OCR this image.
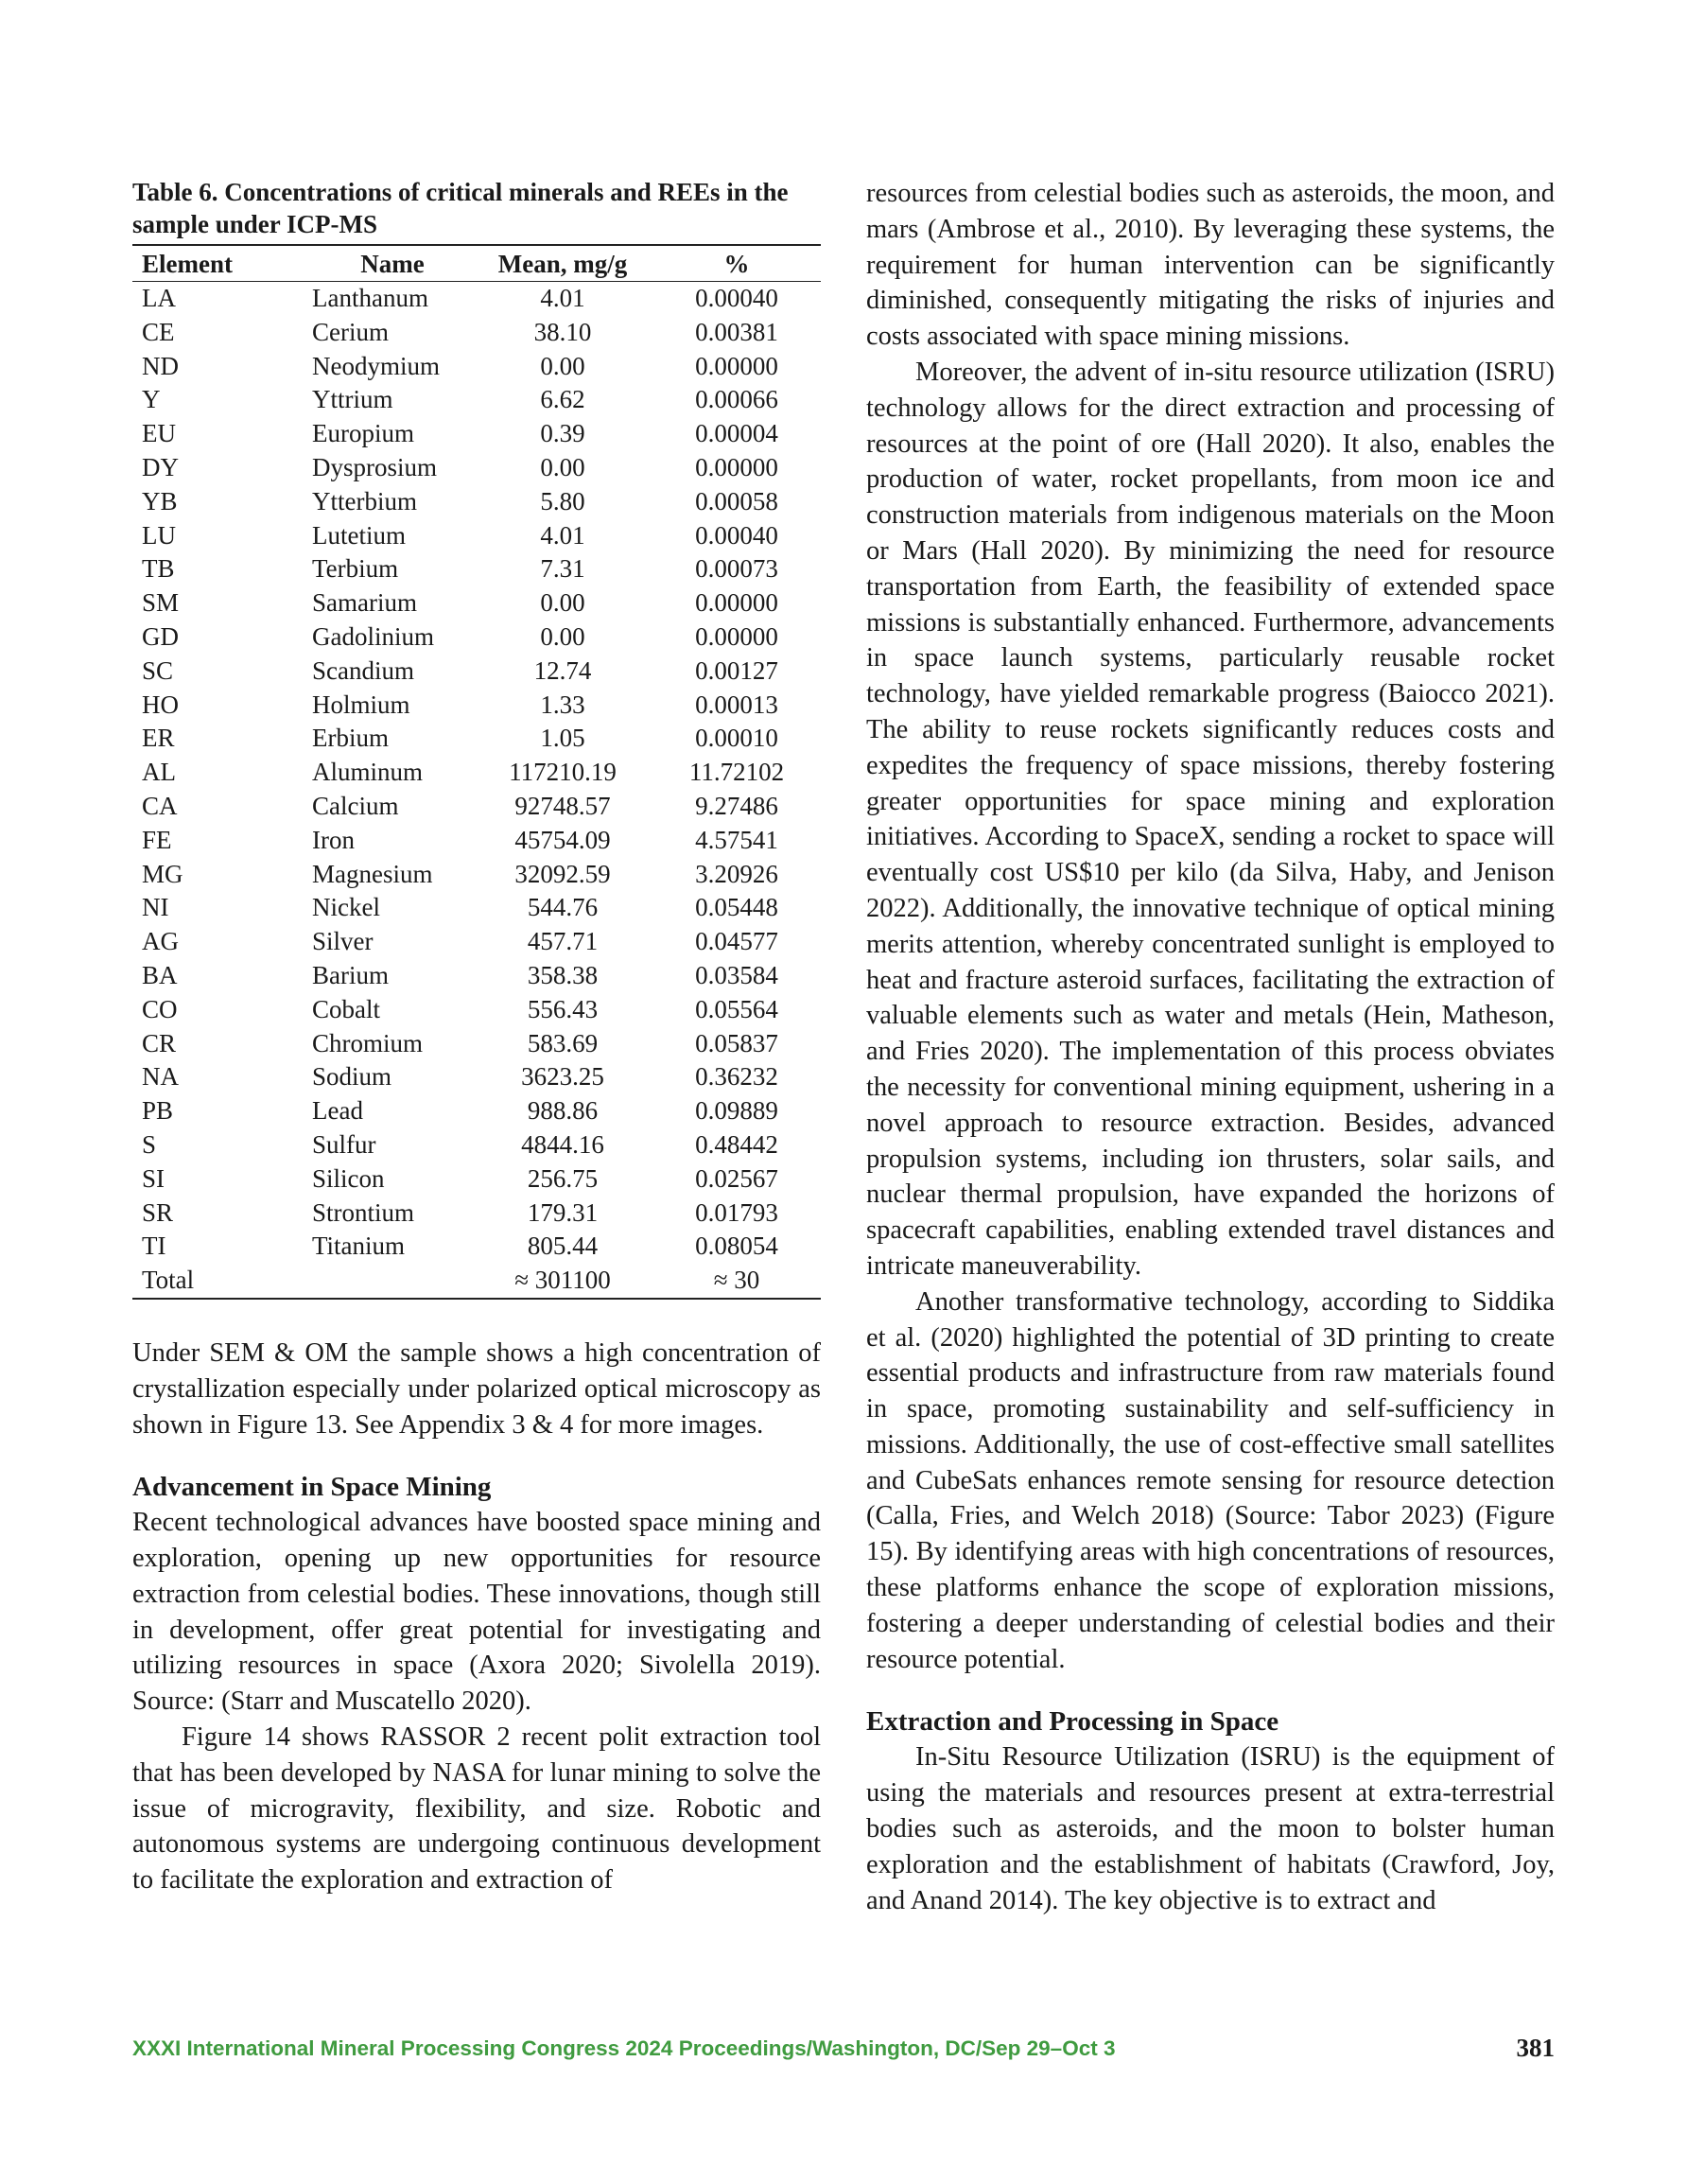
Table 6. Concentrations of critical minerals and REEs in the sample under ICP-MS
Element	Name	Mean, mg/g	%
LA	Lanthanum	4.01	0.00040
CE	Cerium	38.10	0.00381
ND	Neodymium	0.00	0.00000
Y	Yttrium	6.62	0.00066
EU	Europium	0.39	0.00004
DY	Dysprosium	0.00	0.00000
YB	Ytterbium	5.80	0.00058
LU	Lutetium	4.01	0.00040
TB	Terbium	7.31	0.00073
SM	Samarium	0.00	0.00000
GD	Gadolinium	0.00	0.00000
SC	Scandium	12.74	0.00127
HO	Holmium	1.33	0.00013
ER	Erbium	1.05	0.00010
AL	Aluminum	117210.19	11.72102
CA	Calcium	92748.57	9.27486
FE	Iron	45754.09	4.57541
MG	Magnesium	32092.59	3.20926
NI	Nickel	544.76	0.05448
AG	Silver	457.71	0.04577
BA	Barium	358.38	0.03584
CO	Cobalt	556.43	0.05564
CR	Chromium	583.69	0.05837
NA	Sodium	3623.25	0.36232
PB	Lead	988.86	0.09889
S	Sulfur	4844.16	0.48442
SI	Silicon	256.75	0.02567
SR	Strontium	179.31	0.01793
TI	Titanium	805.44	0.08054
Total		≈ 301100	≈ 30

Under SEM & OM the sample shows a high concentration of crystallization especially under polarized optical microscopy as shown in Figure 13. See Appendix 3 & 4 for more images.

Advancement in Space Mining

Recent technological advances have boosted space mining and exploration, opening up new opportunities for resource extraction from celestial bodies. These innovations, though still in development, offer great potential for investigating and utilizing resources in space (Axora 2020; Sivolella 2019). Source: (Starr and Muscatello 2020).

Figure 14 shows RASSOR 2 recent polit extraction tool that has been developed by NASA for lunar mining to solve the issue of microgravity, flexibility, and size. Robotic and autonomous systems are undergoing continuous development to facilitate the exploration and extraction of

resources from celestial bodies such as asteroids, the moon, and mars (Ambrose et al., 2010). By leveraging these systems, the requirement for human intervention can be significantly diminished, consequently mitigating the risks of injuries and costs associated with space mining missions.

Moreover, the advent of in-situ resource utilization (ISRU) technology allows for the direct extraction and processing of resources at the point of ore (Hall 2020). It also, enables the production of water, rocket propellants, from moon ice and construction materials from indigenous materials on the Moon or Mars (Hall 2020). By minimizing the need for resource transportation from Earth, the feasibility of extended space missions is substantially enhanced. Furthermore, advancements in space launch systems, particularly reusable rocket technology, have yielded remarkable progress (Baiocco 2021). The ability to reuse rockets significantly reduces costs and expedites the frequency of space missions, thereby fostering greater opportunities for space mining and exploration initiatives. According to SpaceX, sending a rocket to space will eventually cost US$10 per kilo (da Silva, Haby, and Jenison 2022). Additionally, the innovative technique of optical mining merits attention, whereby concentrated sunlight is employed to heat and fracture asteroid surfaces, facilitating the extraction of valuable elements such as water and metals (Hein, Matheson, and Fries 2020). The implementation of this process obviates the necessity for conventional mining equipment, ushering in a novel approach to resource extraction. Besides, advanced propulsion systems, including ion thrusters, solar sails, and nuclear thermal propulsion, have expanded the horizons of spacecraft capabilities, enabling extended travel distances and intricate maneuverability.

Another transformative technology, according to Siddika et al. (2020) highlighted the potential of 3D printing to create essential products and infrastructure from raw materials found in space, promoting sustainability and self-sufficiency in missions. Additionally, the use of cost-effective small satellites and CubeSats enhances remote sensing for resource detection (Calla, Fries, and Welch 2018) (Source: Tabor 2023) (Figure 15). By identifying areas with high concentrations of resources, these platforms enhance the scope of exploration missions, fostering a deeper understanding of celestial bodies and their resource potential.

Extraction and Processing in Space

In-Situ Resource Utilization (ISRU) is the equipment of using the materials and resources present at extra-terrestrial bodies such as asteroids, and the moon to bolster human exploration and the establishment of habitats (Crawford, Joy, and Anand 2014). The key objective is to extract and

XXXI International Mineral Processing Congress 2024 Proceedings/Washington, DC/Sep 29–Oct 3	381
